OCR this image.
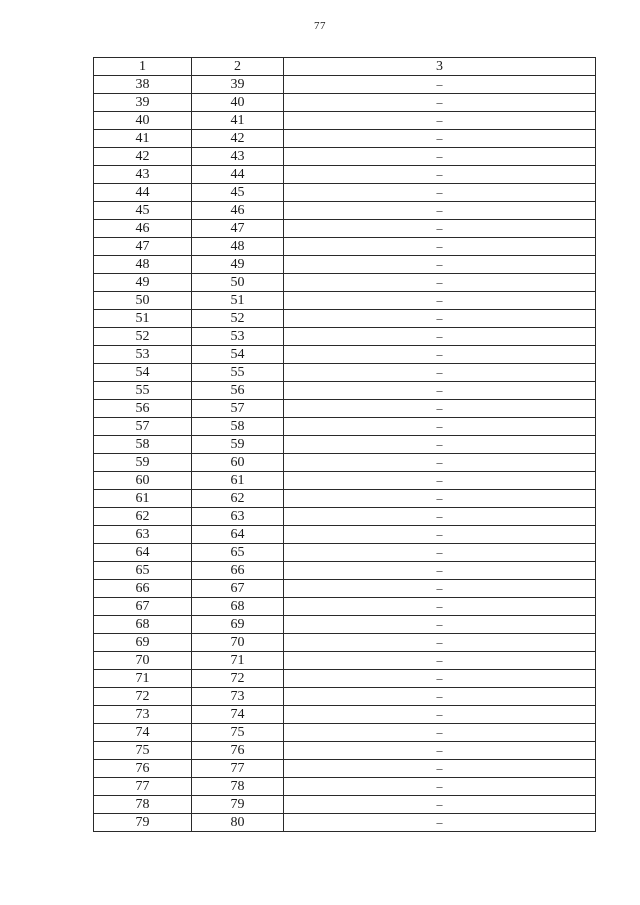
77
1	2	3
38	39	–
39	40	–
40	41	–
41	42	–
42	43	–
43	44	–
44	45	–
45	46	–
46	47	–
47	48	–
48	49	–
49	50	–
50	51	–
51	52	–
52	53	–
53	54	–
54	55	–
55	56	–
56	57	–
57	58	–
58	59	–
59	60	–
60	61	–
61	62	–
62	63	–
63	64	–
64	65	–
65	66	–
66	67	–
67	68	–
68	69	–
69	70	–
70	71	–
71	72	–
72	73	–
73	74	–
74	75	–
75	76	–
76	77	–
77	78	–
78	79	–
79	80	–
